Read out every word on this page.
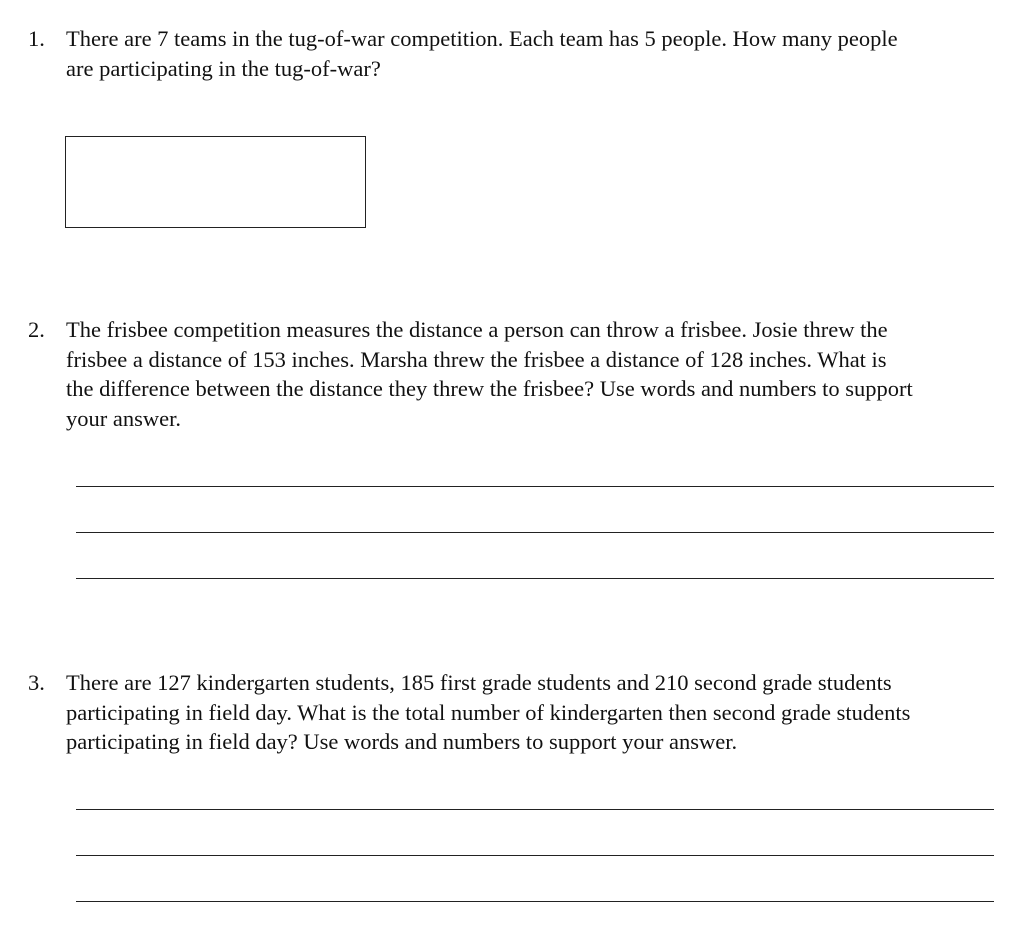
1. There are 7 teams in the tug-of-war competition. Each team has 5 people. How many people
are participating in the tug-of-war?

2. The frisbee competition measures the distance a person can throw a frisbee. Josie threw the
frisbee a distance of 153 inches. Marsha threw the frisbee a distance of 128 inches. What is
the difference between the distance they threw the frisbee? Use words and numbers to support
your answer.

3. There are 127 kindergarten students, 185 first grade students and 210 second grade students
participating in field day. What is the total number of kindergarten then second grade students
participating in field day? Use words and numbers to support your answer.
